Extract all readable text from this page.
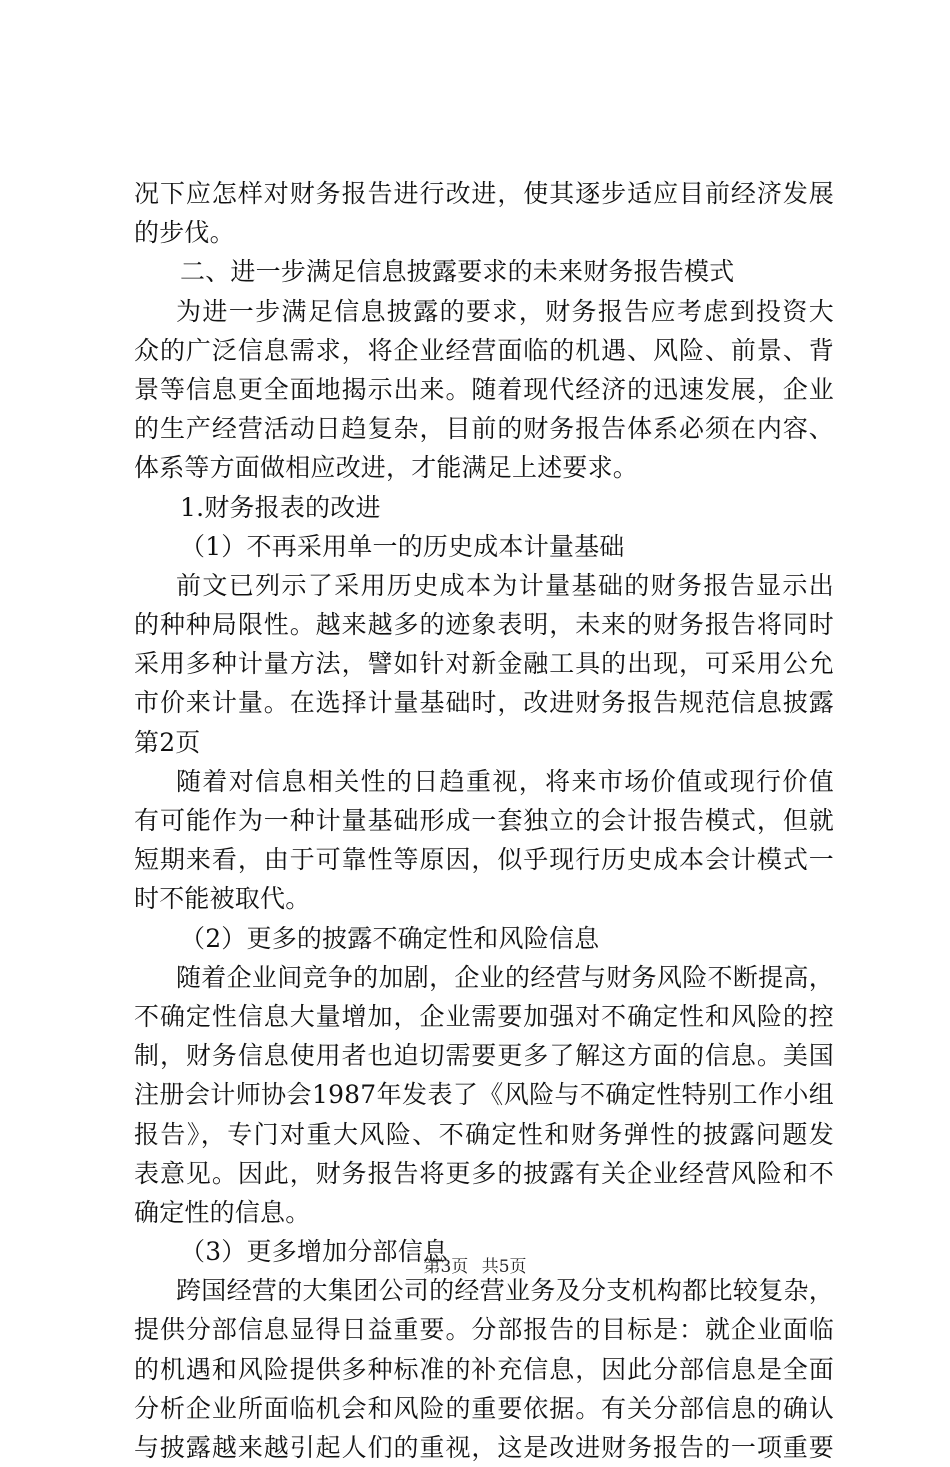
况下应怎样对财务报告进行改进，使其逐步适应目前经济发展
的步伐。
二、进一步满足信息披露要求的未来财务报告模式
为进一步满足信息披露的要求，财务报告应考虑到投资大
众的广泛信息需求，将企业经营面临的机遇、风险、前景、背
景等信息更全面地揭示出来。随着现代经济的迅速发展，企业
的生产经营活动日趋复杂，目前的财务报告体系必须在内容、
体系等方面做相应改进，才能满足上述要求。
1.财务报表的改进
（1）不再采用单一的历史成本计量基础
前文已列示了采用历史成本为计量基础的财务报告显示出
的种种局限性。越来越多的迹象表明，未来的财务报告将同时
采用多种计量方法，譬如针对新金融工具的出现，可采用公允
市价来计量。在选择计量基础时，改进财务报告规范信息披露
第2页
随着对信息相关性的日趋重视，将来市场价值或现行价值
有可能作为一种计量基础形成一套独立的会计报告模式，但就
短期来看，由于可靠性等原因，似乎现行历史成本会计模式一
时不能被取代。
（2）更多的披露不确定性和风险信息
随着企业间竞争的加剧，企业的经营与财务风险不断提高，
不确定性信息大量增加，企业需要加强对不确定性和风险的控
制，财务信息使用者也迫切需要更多了解这方面的信息。美国
注册会计师协会1987年发表了《风险与不确定性特别工作小组
报告》，专门对重大风险、不确定性和财务弹性的披露问题发
表意见。因此，财务报告将更多的披露有关企业经营风险和不
确定性的信息。
（3）更多增加分部信息
跨国经营的大集团公司的经营业务及分支机构都比较复杂，
提供分部信息显得日益重要。分部报告的目标是：就企业面临
的机遇和风险提供多种标准的补充信息，因此分部信息是全面
分析企业所面临机会和风险的重要依据。有关分部信息的确认
与披露越来越引起人们的重视，这是改进财务报告的一项重要
第3页 共5页
